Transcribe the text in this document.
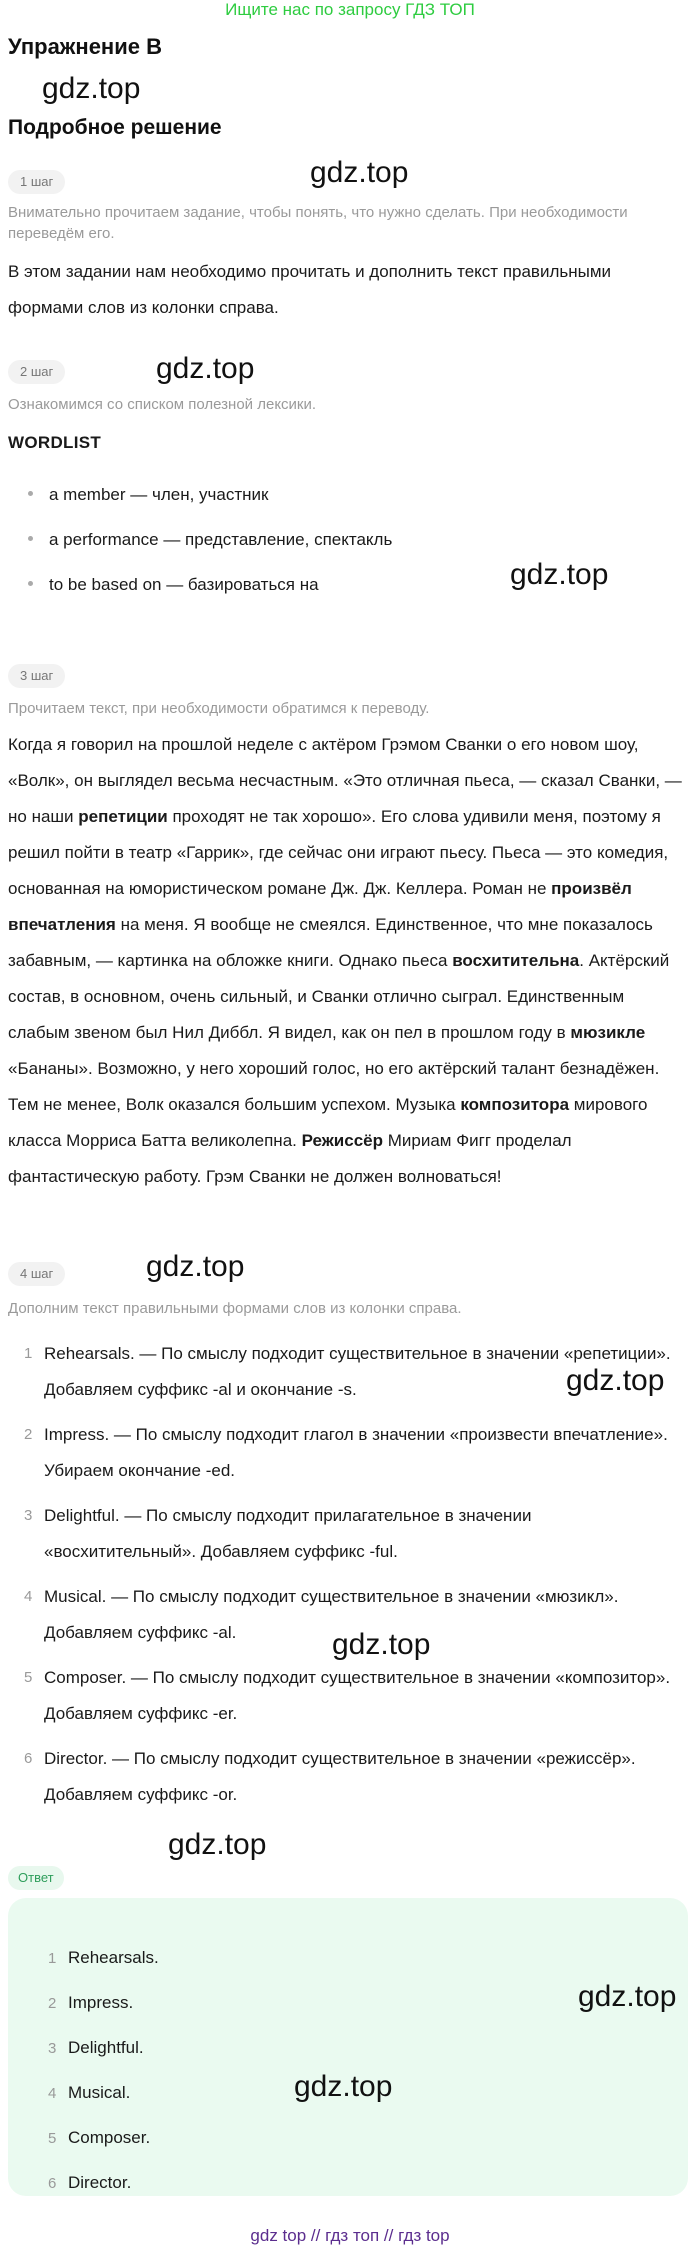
Ищите нас по запросу ГДЗ ТОП
Упражнение B
gdz.top
Подробное решение
gdz.top
1 шаг
Внимательно прочитаем задание, чтобы понять, что нужно сделать. При необходимости переведём его.
В этом задании нам необходимо прочитать и дополнить текст правильными формами слов из колонки справа.
2 шаг	gdz.top
Ознакомимся со списком полезной лексики.
WORDLIST
a member — член, участник
a performance — представление, спектакль
to be based on — базироваться на	gdz.top
3 шаг
Прочитаем текст, при необходимости обратимся к переводу.
Когда я говорил на прошлой неделе с актёром Грэмом Сванки о его новом шоу, «Волк», он выглядел весьма несчастным. «Это отличная пьеса, — сказал Сванки, — но наши репетиции проходят не так хорошо». Его слова удивили меня, поэтому я решил пойти в театр «Гаррик», где сейчас они играют пьесу. Пьеса — это комедия, основанная на юмористическом романе Дж. Дж. Келлера. Роман не произвёл впечатления на меня. Я вообще не смеялся. Единственное, что мне показалось забавным, — картинка на обложке книги. Однако пьеса восхитительна. Актёрский состав, в основном, очень сильный, и Сванки отлично сыграл. Единственным слабым звеном был Нил Диббл. Я видел, как он пел в прошлом году в мюзикле «Бананы». Возможно, у него хороший голос, но его актёрский талант безнадёжен. Тем не менее, Волк оказался большим успехом. Музыка композитора мирового класса Морриса Батта великолепна. Режиссёр Мириам Фигг проделал фантастическую работу. Грэм Сванки не должен волноваться!
4 шаг	gdz.top
Дополним текст правильными формами слов из колонки справа.
1 Rehearsals. — По смыслу подходит существительное в значении «репетиции». Добавляем суффикс -al и окончание -s.	gdz.top
2 Impress. — По смыслу подходит глагол в значении «произвести впечатление». Убираем окончание -ed.
3 Delightful. — По смыслу подходит прилагательное в значении «восхитительный». Добавляем суффикс -ful.
4 Musical. — По смыслу подходит существительное в значении «мюзикл». Добавляем суффикс -al.	gdz.top
5 Composer. — По смыслу подходит существительное в значении «композитор». Добавляем суффикс -er.
6 Director. — По смыслу подходит существительное в значении «режиссёр». Добавляем суффикс -or.
gdz.top
Ответ
1 Rehearsals.
2 Impress.	gdz.top
3 Delightful.
4 Musical.	gdz.top
5 Composer.
6 Director.
gdz top // гдз топ // гдз top
